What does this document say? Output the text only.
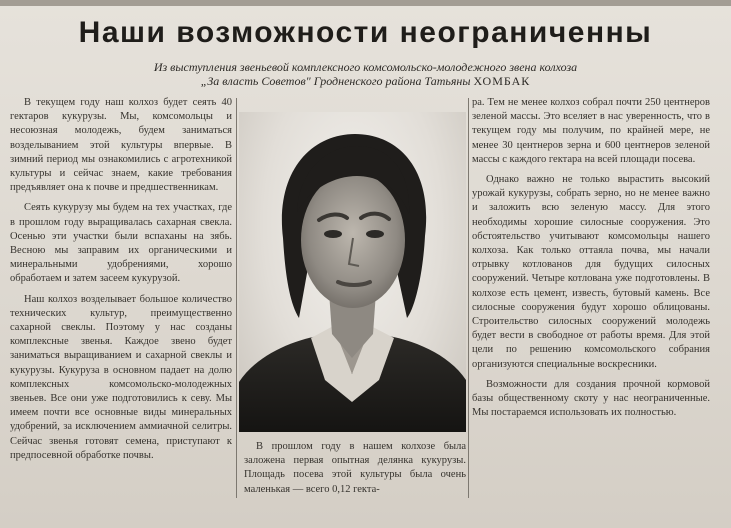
Наши возможности неограниченны
Из выступления звеньевой комплексного комсомольско-молодежного звена колхоза
„За власть Советов" Гродненского района Татьяны ХОМБАК

В текущем году наш колхоз будет сеять 40 гектаров кукурузы. Мы, комсомольцы и несоюзная молодежь, будем заниматься возделыванием этой культуры впервые. В зимний период мы ознакомились с агротехникой культуры и сейчас знаем, какие требования предъявляет она к почве и предшественникам.

Сеять кукурузу мы будем на тех участках, где в прошлом году выращивалась сахарная свекла. Осенью эти участки были вспаханы на зябь. Весною мы заправим их органическими и минеральными удобрениями, хорошо обработаем и затем засеем кукурузой.

Наш колхоз возделывает большое количество технических культур, преимущественно сахарной свеклы. Поэтому у нас созданы комплексные звенья. Каждое звено будет заниматься выращиванием и сахарной свеклы и кукурузы. Кукуруза в основном падает на долю комплексных комсомольско-молодежных звеньев. Все они уже подготовились к севу. Мы имеем почти все основные виды минеральных удобрений, за исключением аммиачной селитры. Сейчас звенья готовят семена, приступают к предпосевной обработке почвы.

В прошлом году в нашем колхозе была заложена первая опытная делянка кукурузы. Площадь посева этой культуры была очень маленькая — всего 0,12 гекта-

ра. Тем не менее колхоз собрал почти 250 центнеров зеленой массы. Это вселяет в нас уверенность, что в текущем году мы получим, по крайней мере, не менее 30 центнеров зерна и 600 центнеров зеленой массы с каждого гектара на всей площади посева.

Однако важно не только вырастить высокий урожай кукурузы, собрать зерно, но не менее важно и заложить всю зеленую массу. Для этого необходимы хорошие силосные сооружения. Это обстоятельство учитывают комсомольцы нашего колхоза. Как только оттаяла почва, мы начали отрывку котлованов для будущих силосных сооружений. Четыре котлована уже подготовлены. В колхозе есть цемент, известь, бутовый камень. Все силосные сооружения будут хорошо облицованы. Строительство силосных сооружений молодежь будет вести в свободное от работы время. Для этой цели по решению комсомольского собрания организуются специальные воскресники.

Возможности для создания прочной кормовой базы общественному скоту у нас неограниченные. Мы постараемся использовать их полностью.
